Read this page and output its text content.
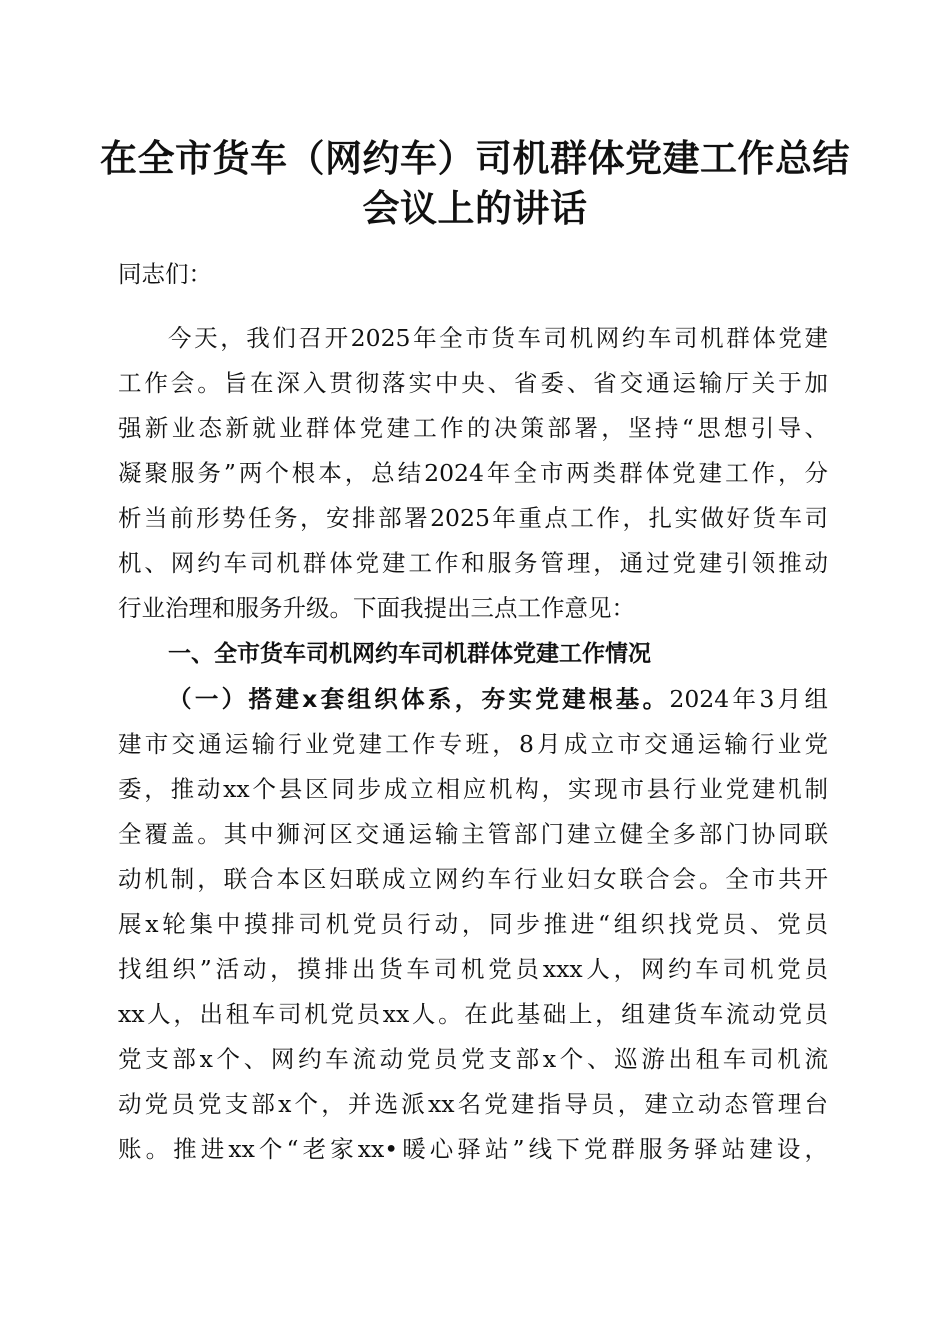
在全市货车（网约车）司机群体党建工作总结
会议上的讲话
同志们：
今天，我们召开2025年全市货车司机网约车司机群体党建
工作会。旨在深入贯彻落实中央、省委、省交通运输厅关于加
强新业态新就业群体党建工作的决策部署，坚持“思想引导、
凝聚服务”两个根本，总结2024年全市两类群体党建工作，分
析当前形势任务，安排部署2025年重点工作，扎实做好货车司
机、网约车司机群体党建工作和服务管理，通过党建引领推动
行业治理和服务升级。下面我提出三点工作意见：
一、全市货车司机网约车司机群体党建工作情况
（一）搭建x套组织体系，夯实党建根基。2024年3月组
建市交通运输行业党建工作专班，8月成立市交通运输行业党
委，推动xx个县区同步成立相应机构，实现市县行业党建机制
全覆盖。其中狮河区交通运输主管部门建立健全多部门协同联
动机制，联合本区妇联成立网约车行业妇女联合会。全市共开
展x轮集中摸排司机党员行动，同步推进“组织找党员、党员
找组织”活动，摸排出货车司机党员xxx人，网约车司机党员
xx人，出租车司机党员xx人。在此基础上，组建货车流动党员
党支部x个、网约车流动党员党支部x个、巡游出租车司机流
动党员党支部x个，并选派xx名党建指导员，建立动态管理台
账。推进xx个“老家xx•暖心驿站”线下党群服务驿站建设，
